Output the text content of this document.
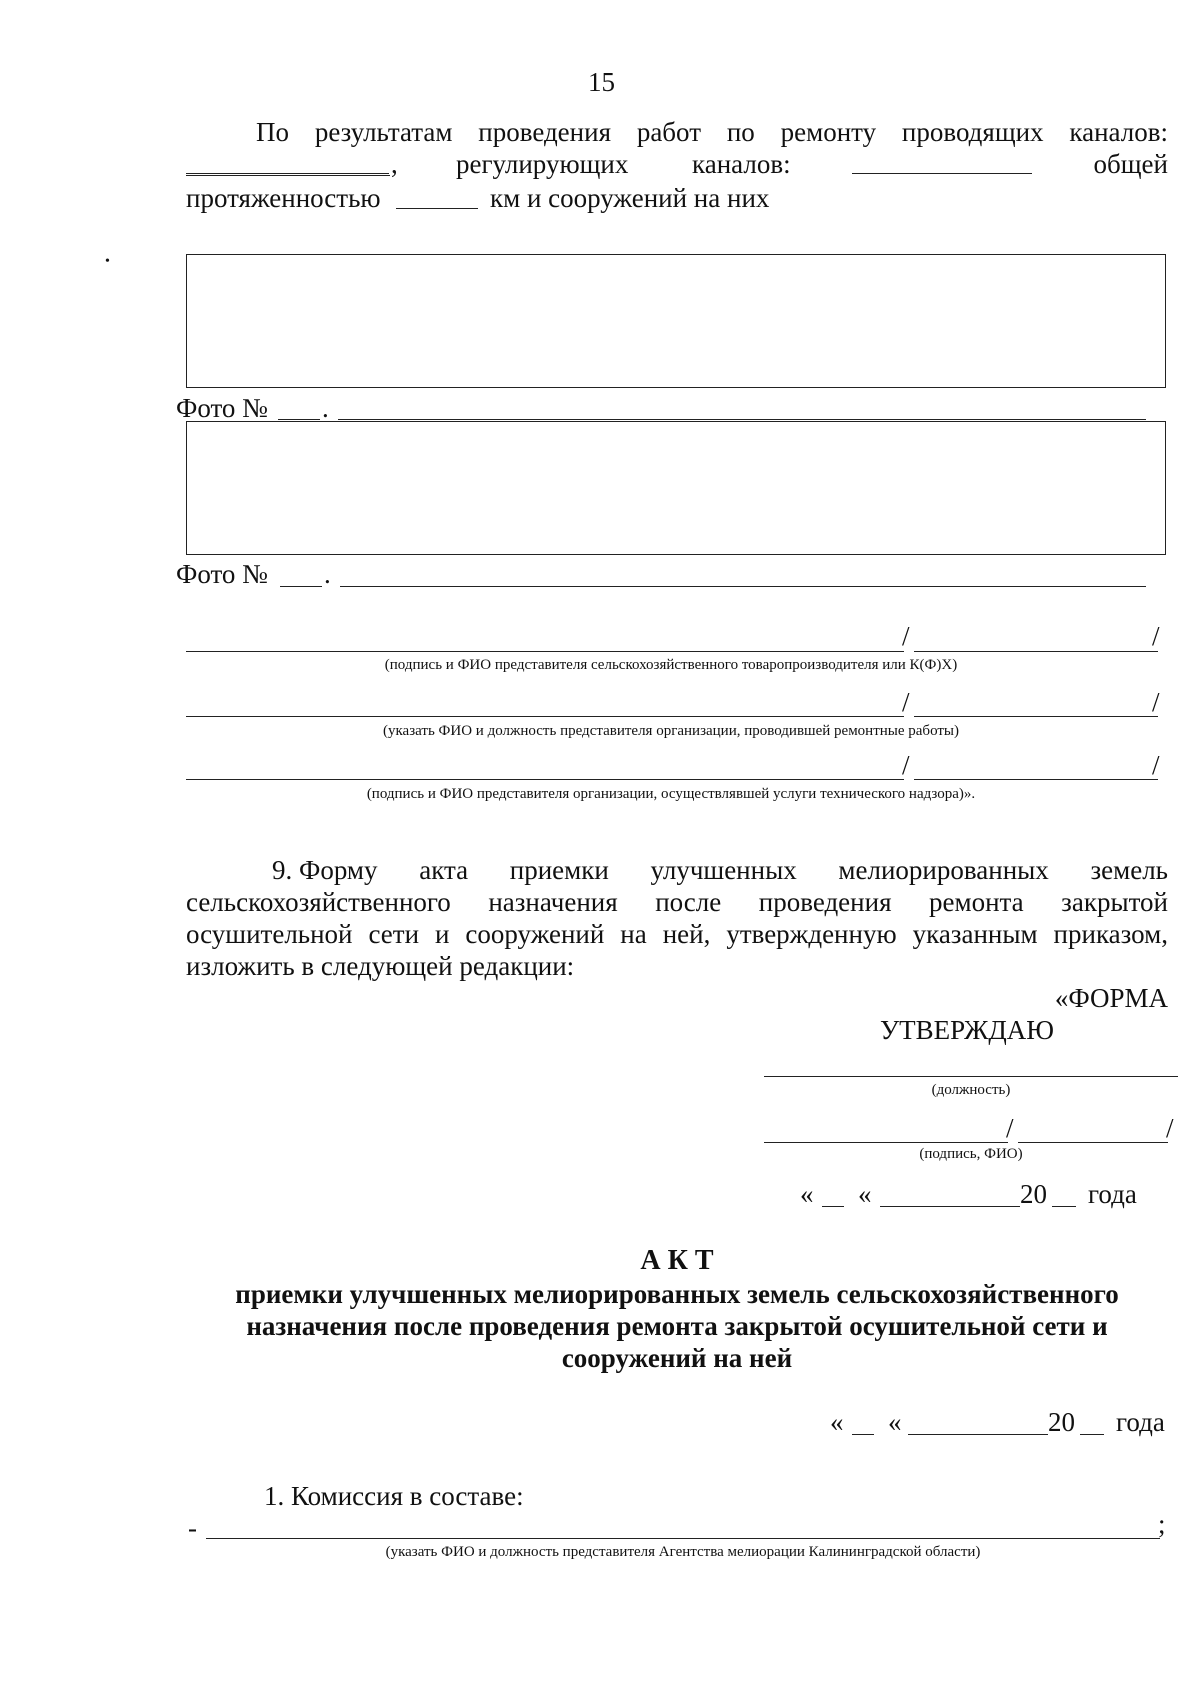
15
По результатам проведения работ по ремонту проводящих каналов:
, регулирующих каналов:	общей
протяженностью	км и сооружений на них
•
Фото № .
Фото № .
/	/
(подпись и ФИО представителя сельскохозяйственного товаропроизводителя или К(Ф)Х)
/	/
(указать ФИО и должность представителя организации, проводившей ремонтные работы)
/	/
(подпись и ФИО представителя организации, осуществлявшей услуги технического надзора)».
9. Форму акта приемки улучшенных мелиорированных земель
сельскохозяйственного назначения после проведения ремонта закрытой
осушительной сети и сооружений на ней, утвержденную указанным приказом,
изложить в следующей редакции:
«ФОРМА
УТВЕРЖДАЮ
(должность)
/	/
(подпись, ФИО)
« «	20 года
А К Т
приемки улучшенных мелиорированных земель сельскохозяйственного
назначения после проведения ремонта закрытой осушительной сети и
сооружений на ней
« «	20 года
1. Комиссия в составе:
-	;
(указать ФИО и должность представителя Агентства мелиорации Калининградской области)
